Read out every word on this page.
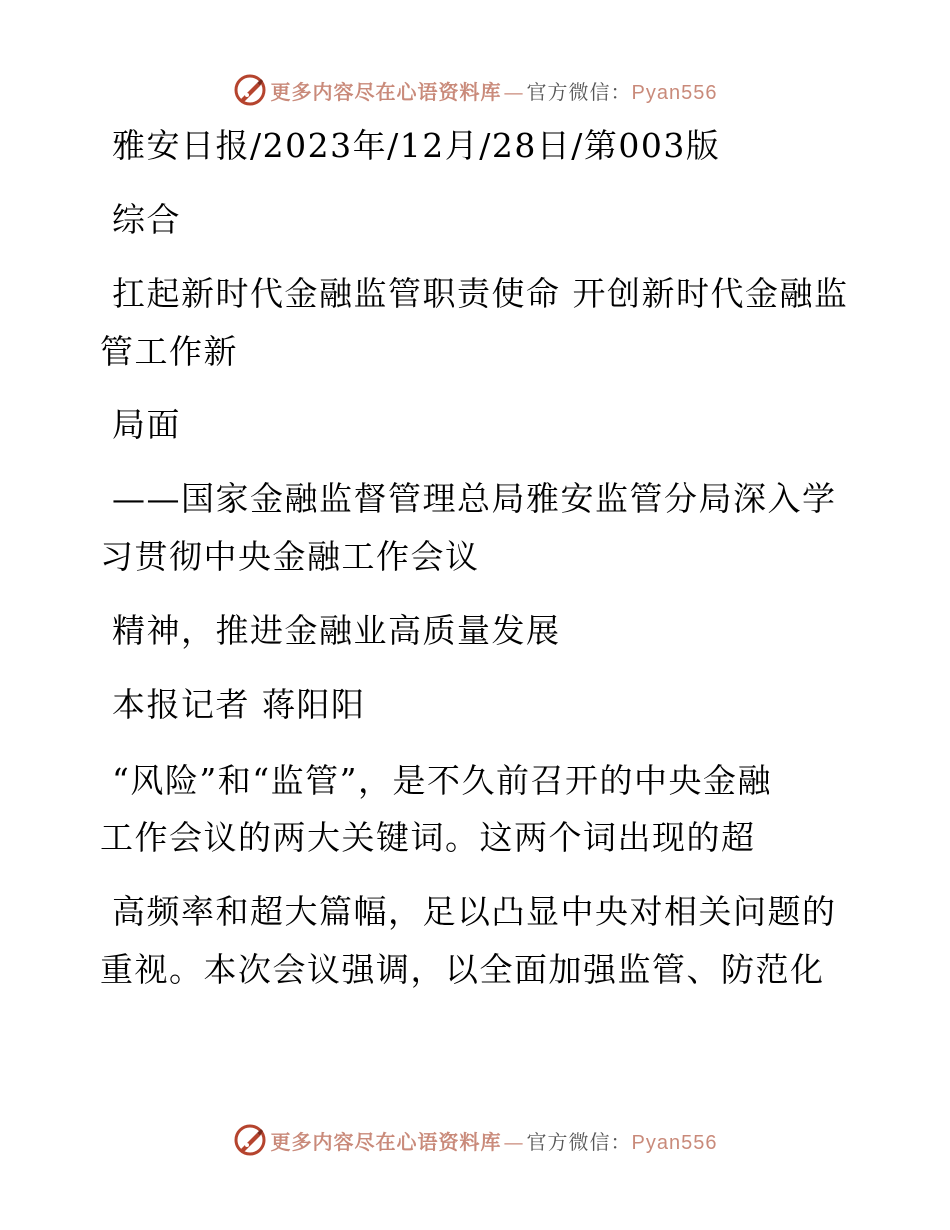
更多内容尽在心语资料库 — 官方微信 ： Pyan556
雅安日报/2023年/12月/28日/第003版
综合
扛起新时代金融监管职责使命 开创新时代金融监
管工作新
局面
——国家金融监督管理总局雅安监管分局深入学
习贯彻中央金融工作会议
精神，推进金融业高质量发展
本报记者 蒋阳阳
“风险”和“监管”，是不久前召开的中央金融
工作会议的两大关键词。这两个词出现的超
高频率和超大篇幅，足以凸显中央对相关问题的
重视。本次会议强调，以全面加强监管、防范化
更多内容尽在心语资料库 — 官方微信 ： Pyan556
